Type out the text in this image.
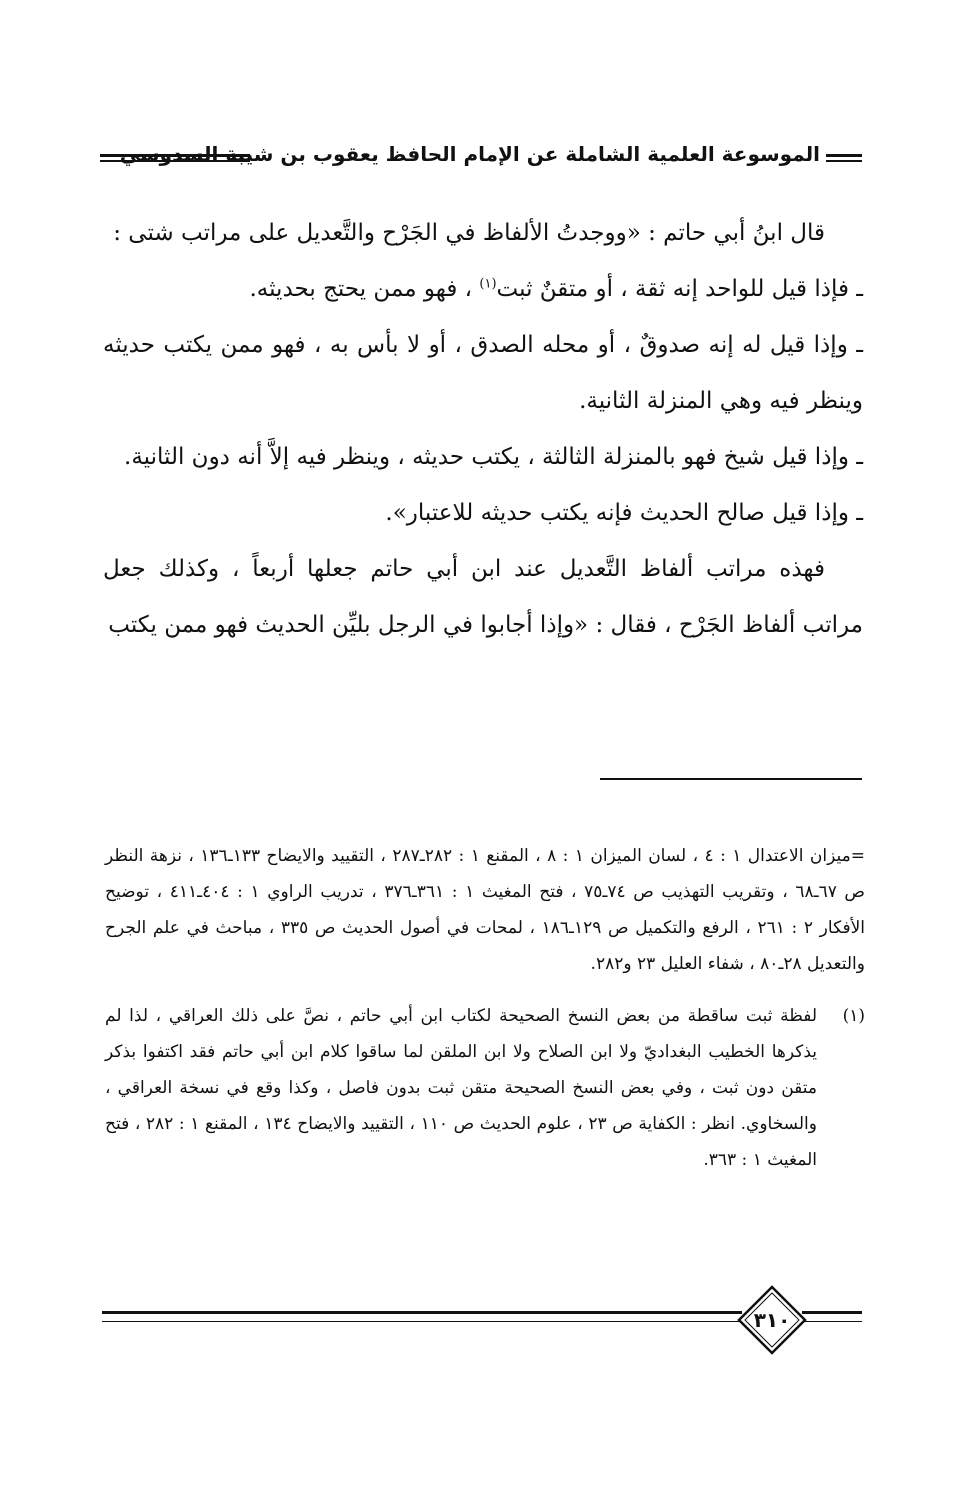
الموسوعة العلمية الشاملة عن الإمام الحافظ يعقوب بن شيبة السدوسي

قال ابنُ أبي حاتم : «ووجدتُ الألفاظ في الجَرْح والتَّعديل على مراتب شتى :

ـ فإذا قيل للواحد إنه ثقة ، أو متقنٌ ثبت$^{(١)}$ ، فهو ممن يحتج بحديثه.

ـ وإذا قيل له إنه صدوقٌ ، أو محله الصدق ، أو لا بأس به ، فهو ممن يكتب حديثه وينظر فيه وهي المنزلة الثانية.

ـ وإذا قيل شيخ فهو بالمنزلة الثالثة ، يكتب حديثه ، وينظر فيه إلاَّ أنه دون الثانية.

ـ وإذا قيل صالح الحديث فإنه يكتب حديثه للاعتبار».

فهذه مراتب ألفاظ التَّعديل عند ابن أبي حاتم جعلها أربعاً ، وكذلك جعل مراتب ألفاظ الجَرْح ، فقال : «وإذا أجابوا في الرجل بليِّن الحديث فهو ممن يكتب

=ميزان الاعتدال ١ : ٤ ، لسان الميزان ١ : ٨ ، المقنع ١ : ٢٨٢ـ٢٨٧ ، التقييد والايضاح ١٣٣ـ١٣٦ ، نزهة النظر ص ٦٧ـ٦٨ ، وتقريب التهذيب ص ٧٤ـ٧٥ ، فتح المغيث ١ : ٣٦١ـ٣٧٦ ، تدريب الراوي ١ : ٤٠٤ـ٤١١ ، توضيح الأفكار ٢ : ٢٦١ ، الرفع والتكميل ص ١٢٩ـ١٨٦ ، لمحات في أصول الحديث ص ٣٣٥ ، مباحث في علم الجرح والتعديل ٢٨ـ٨٠ ، شفاء العليل ٢٣ و٢٨٢.

(١)
لفظة ثبت ساقطة من بعض النسخ الصحيحة لكتاب ابن أبي حاتم ، نصَّ على ذلك العراقي ، لذا لم يذكرها الخطيب البغداديّ ولا ابن الصلاح ولا ابن الملقن لما ساقوا كلام ابن أبي حاتم فقد اكتفوا بذكر متقن دون ثبت ، وفي بعض النسخ الصحيحة متقن ثبت بدون فاصل ، وكذا وقع في نسخة العراقي ، والسخاوي. انظر : الكفاية ص ٢٣ ، علوم الحديث ص ١١٠ ، التقييد والايضاح ١٣٤ ، المقنع ١ : ٢٨٢ ، فتح المغيث ١ : ٣٦٣.
٣١٠
